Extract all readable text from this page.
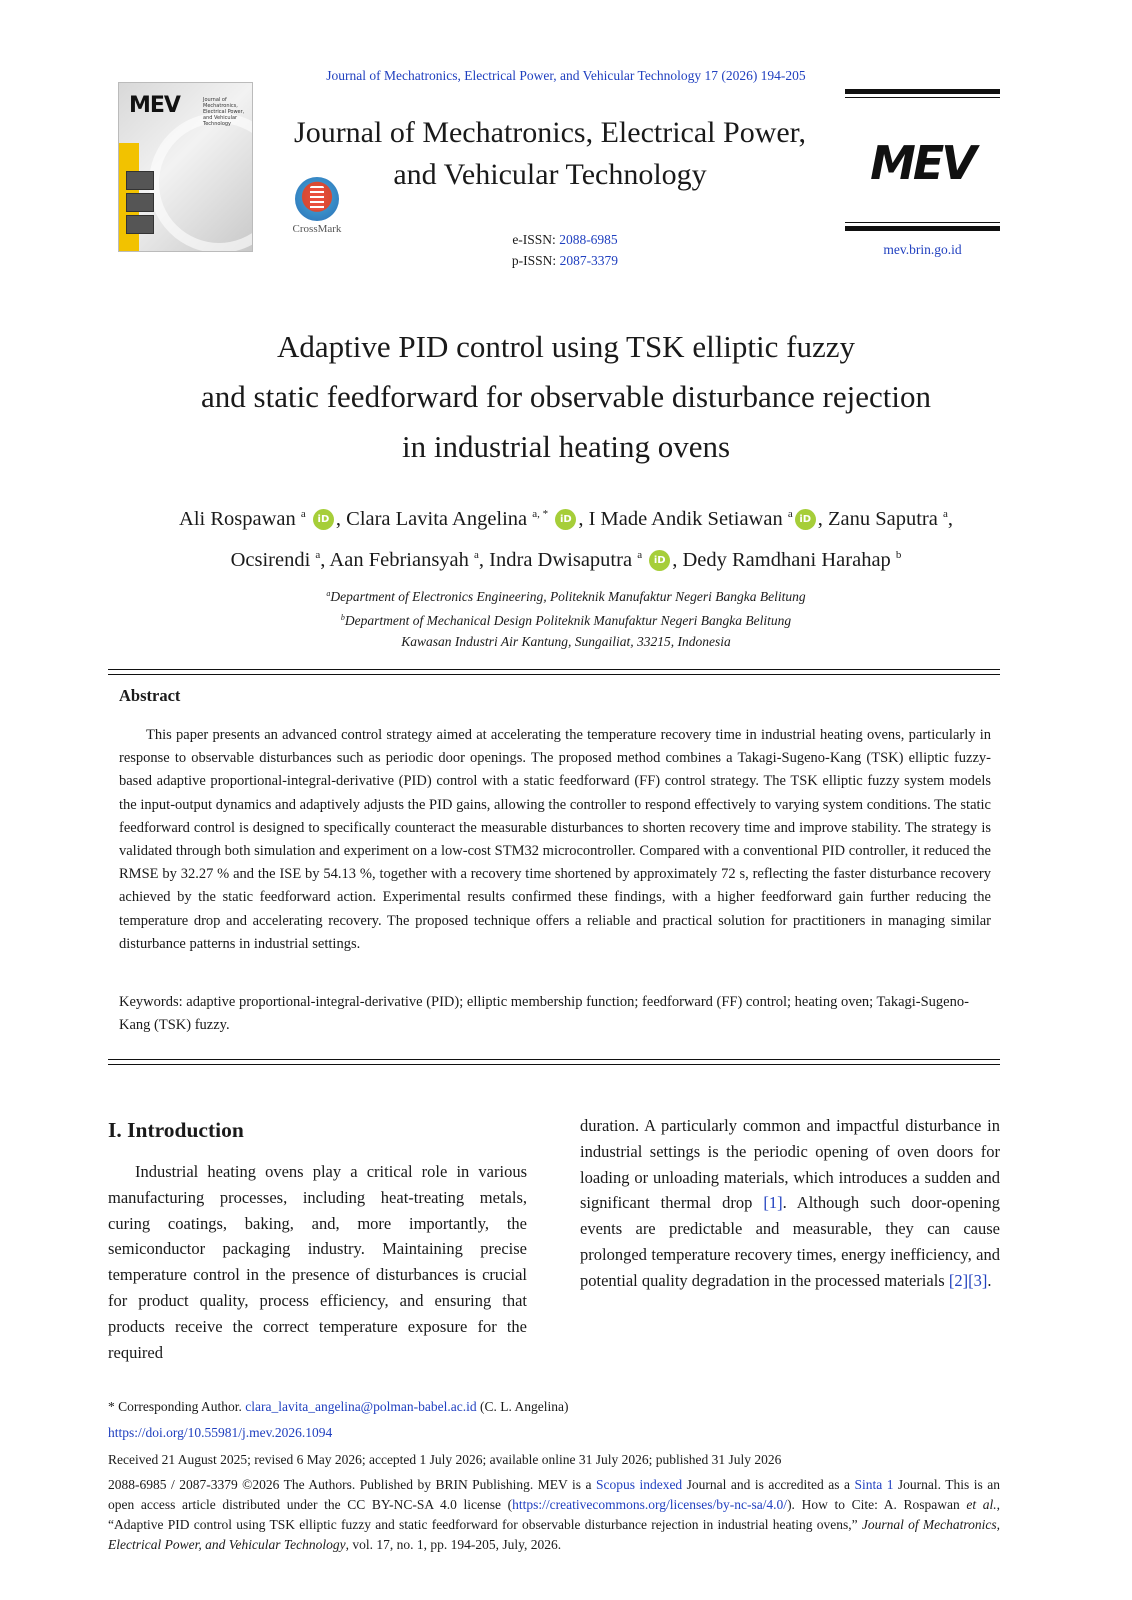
Journal of Mechatronics, Electrical Power, and Vehicular Technology 17 (2026) 194-205
MEV	Journal of Mechatronics, Electrical Power, and Vehicular Technology	Journal of Mechatronics, Electrical Power,
and Vehicular Technology
CrossMark
e-ISSN: 2088-6985
p-ISSN: 2087-3379
MEV
mev.brin.go.id
Adaptive PID control using TSK elliptic fuzzy
and static feedforward for observable disturbance rejection
in industrial heating ovens
Ali Rospawan $^a$ iD , Clara Lavita Angelina $^{a, *}$ iD , I Made Andik Setiawan $^a$ iD , Zanu Saputra $^a$,
Ocsirendi $^a$, Aan Febriansyah $^a$, Indra Dwisaputra $^a$ iD , Dedy Ramdhani Harahap $^b$
$^a$Department of Electronics Engineering, Politeknik Manufaktur Negeri Bangka Belitung
$^b$Department of Mechanical Design Politeknik Manufaktur Negeri Bangka Belitung
Kawasan Industri Air Kantung, Sungailiat, 33215, Indonesia
Abstract
This paper presents an advanced control strategy aimed at accelerating the temperature recovery time in industrial heating ovens, particularly in response to observable disturbances such as periodic door openings. The proposed method combines a Takagi-Sugeno-Kang (TSK) elliptic fuzzy-based adaptive proportional-integral-derivative (PID) control with a static feedforward (FF) control strategy. The TSK elliptic fuzzy system models the input-output dynamics and adaptively adjusts the PID gains, allowing the controller to respond effectively to varying system conditions. The static feedforward control is designed to specifically counteract the measurable disturbances to shorten recovery time and improve stability. The strategy is validated through both simulation and experiment on a low-cost STM32 microcontroller. Compared with a conventional PID controller, it reduced the RMSE by 32.27 % and the ISE by 54.13 %, together with a recovery time shortened by approximately 72 s, reflecting the faster disturbance recovery achieved by the static feedforward action. Experimental results confirmed these findings, with a higher feedforward gain further reducing the temperature drop and accelerating recovery. The proposed technique offers a reliable and practical solution for practitioners in managing similar disturbance patterns in industrial settings.
Keywords: adaptive proportional-integral-derivative (PID); elliptic membership function; feedforward (FF) control; heating oven; Takagi-Sugeno-Kang (TSK) fuzzy.
I. Introduction
Industrial heating ovens play a critical role in various manufacturing processes, including heat-treating metals, curing coatings, baking, and, more importantly, the semiconductor packaging industry. Maintaining precise temperature control in the presence of disturbances is crucial for product quality, process efficiency, and ensuring that products receive the correct temperature exposure for the required
duration. A particularly common and impactful disturbance in industrial settings is the periodic opening of oven doors for loading or unloading materials, which introduces a sudden and significant thermal drop [1]. Although such door-opening events are predictable and measurable, they can cause prolonged temperature recovery times, energy inefficiency, and potential quality degradation in the processed materials [2][3].
* Corresponding Author. clara_lavita_angelina@polman-babel.ac.id (C. L. Angelina)
https://doi.org/10.55981/j.mev.2026.1094
Received 21 August 2025; revised 6 May 2026; accepted 1 July 2026; available online 31 July 2026; published 31 July 2026
2088-6985 / 2087-3379 ©2026 The Authors. Published by BRIN Publishing. MEV is a Scopus indexed Journal and is accredited as a Sinta 1 Journal. This is an open access article distributed under the CC BY-NC-SA 4.0 license (https://creativecommons.org/licenses/by-nc-sa/4.0/). How to Cite: A. Rospawan et al., “Adaptive PID control using TSK elliptic fuzzy and static feedforward for observable disturbance rejection in industrial heating ovens,” Journal of Mechatronics, Electrical Power, and Vehicular Technology, vol. 17, no. 1, pp. 194-205, July, 2026.
